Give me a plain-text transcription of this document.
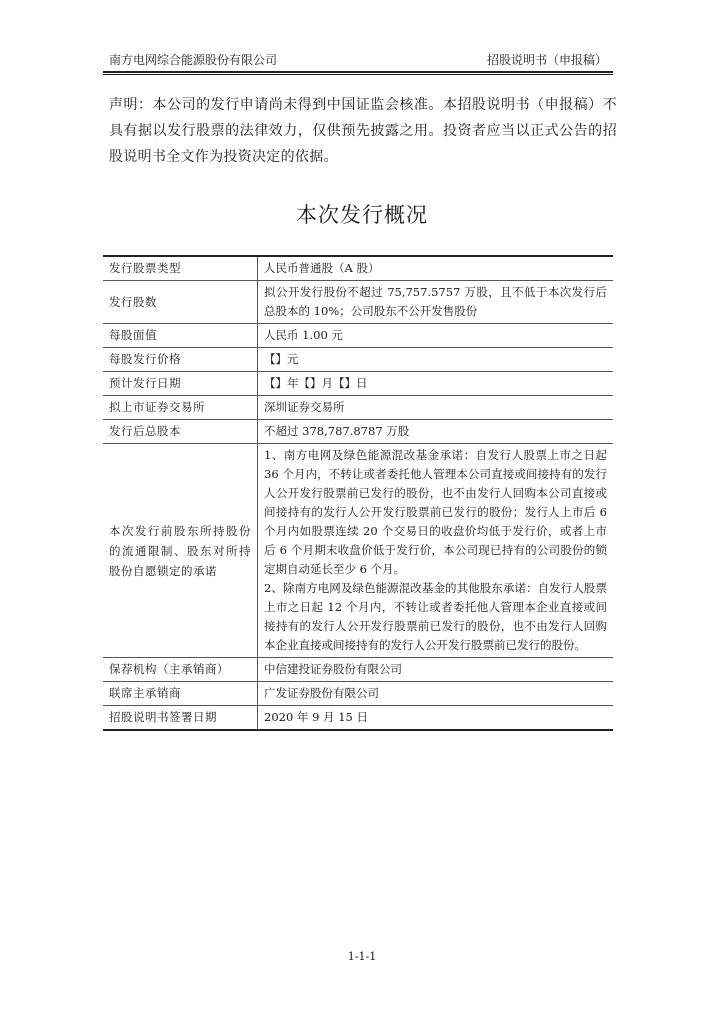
南方电网综合能源股份有限公司	招股说明书（申报稿）
声明：本公司的发行申请尚未得到中国证监会核准。本招股说明书（申报稿）不具有据以发行股票的法律效力，仅供预先披露之用。投资者应当以正式公告的招股说明书全文作为投资决定的依据。
本次发行概况
发行股票类型	人民币普通股（A 股）
发行股数	拟公开发行股份不超过 75,757.5757 万股，且不低于本次发行后总股本的 10%；公司股东不公开发售股份
每股面值	人民币 1.00 元
每股发行价格	【】元
预计发行日期	【】年【】月【】日
拟上市证券交易所	深圳证券交易所
发行后总股本	不超过 378,787.8787 万股
本次发行前股东所持股份的流通限制、股东对所持股份自愿锁定的承诺	1、南方电网及绿色能源混改基金承诺：自发行人股票上市之日起 36 个月内，不转让或者委托他人管理本公司直接或间接持有的发行人公开发行股票前已发行的股份，也不由发行人回购本公司直接或间接持有的发行人公开发行股票前已发行的股份；发行人上市后 6 个月内如股票连续 20 个交易日的收盘价均低于发行价，或者上市后 6 个月期末收盘价低于发行价，本公司现已持有的公司股份的锁定期自动延长至少 6 个月。
2、除南方电网及绿色能源混改基金的其他股东承诺：自发行人股票上市之日起 12 个月内，不转让或者委托他人管理本企业直接或间接持有的发行人公开发行股票前已发行的股份，也不由发行人回购本企业直接或间接持有的发行人公开发行股票前已发行的股份。

保荐机构（主承销商）	中信建投证券股份有限公司
联席主承销商	广发证券股份有限公司
招股说明书签署日期	2020 年 9 月 15 日
1-1-1
